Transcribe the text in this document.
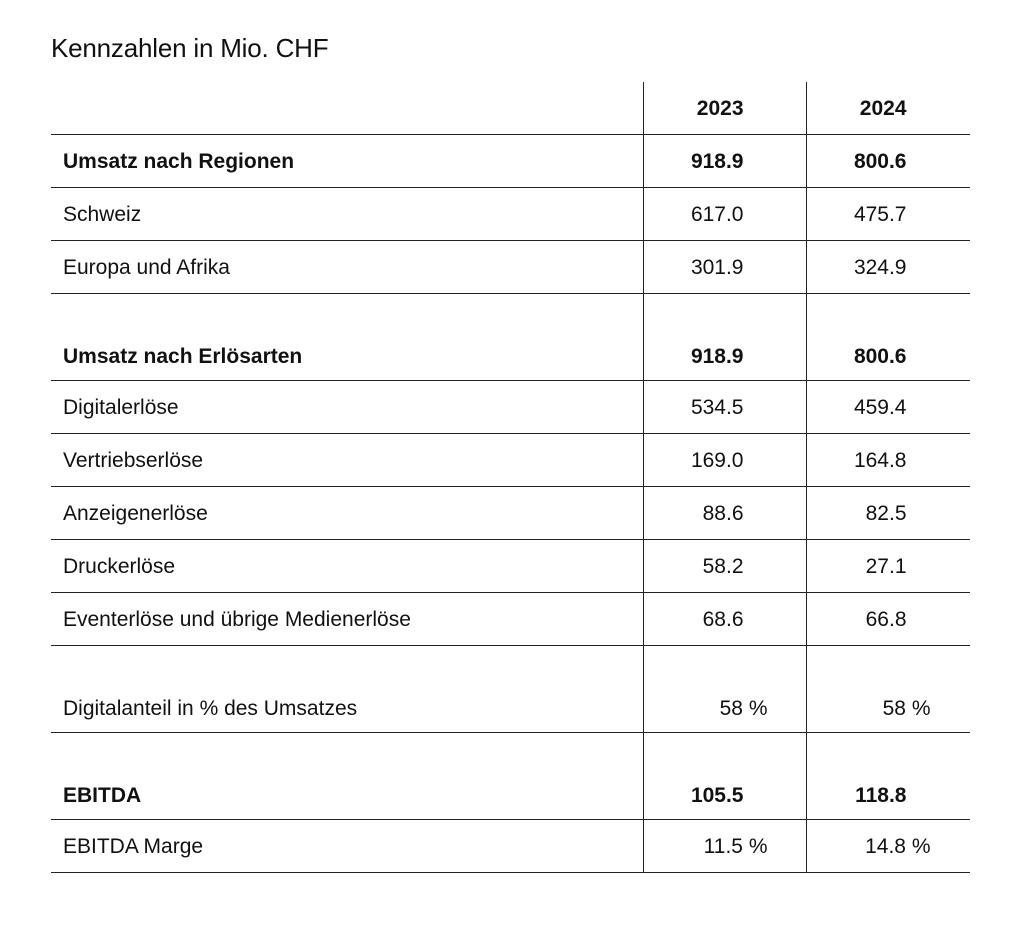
Kennzahlen in Mio. CHF

	2023	2024

Umsatz nach Regionen	918.9	800.6

Schweiz	617.0	475.7

Europa und Afrika	301.9	324.9

Umsatz nach Erlösarten	918.9	800.6

Digitalerlöse	534.5	459.4

Vertriebserlöse	169.0	164.8

Anzeigenerlöse	88.6	82.5

Druckerlöse	58.2	27.1

Eventerlöse und übrige Medienerlöse	68.6	66.8

Digitalanteil in % des Umsatzes	58 %	58 %

EBITDA	105.5	118.8

EBITDA Marge	11.5 %	14.8 %
